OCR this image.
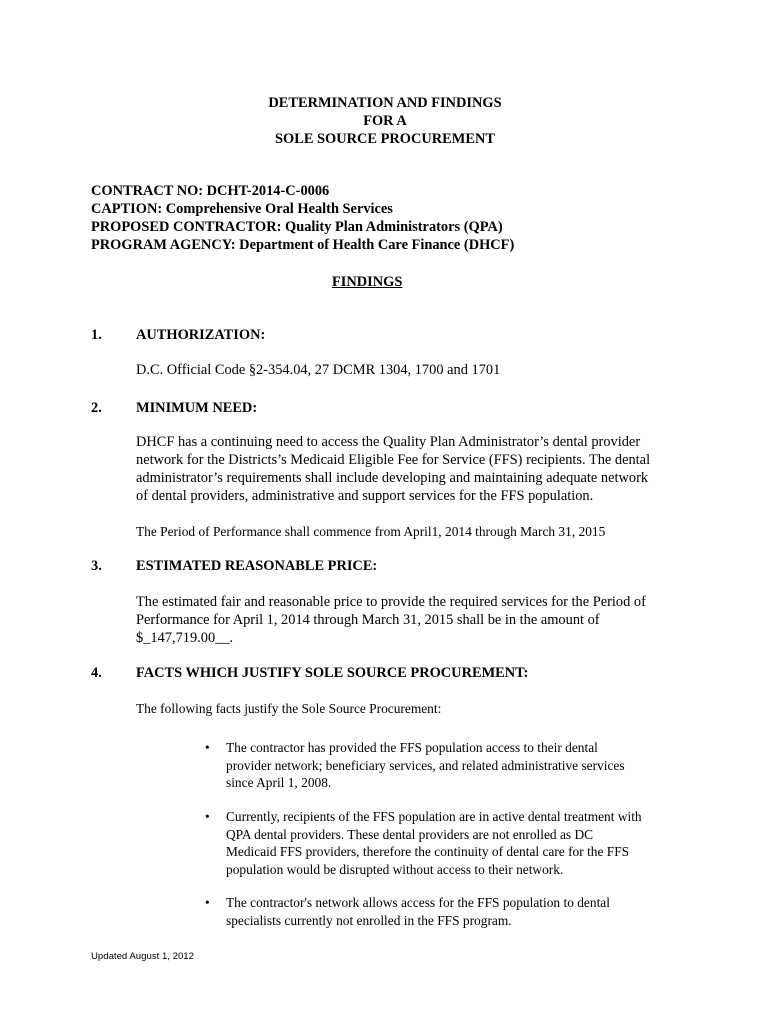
DETERMINATION AND FINDINGS
FOR A
SOLE SOURCE PROCUREMENT
CONTRACT NO: DCHT-2014-C-0006
CAPTION: Comprehensive Oral Health Services
PROPOSED CONTRACTOR: Quality Plan Administrators (QPA)
PROGRAM AGENCY: Department of Health Care Finance (DHCF)
FINDINGS
1. AUTHORIZATION:
D.C. Official Code §2-354.04, 27 DCMR 1304, 1700 and 1701
2. MINIMUM NEED:
DHCF has a continuing need to access the Quality Plan Administrator’s dental provider
network for the Districts’s Medicaid Eligible Fee for Service (FFS) recipients. The dental
administrator’s requirements shall include developing and maintaining adequate network
of dental providers, administrative and support services for the FFS population.
The Period of Performance shall commence from April1, 2014 through March 31, 2015
3. ESTIMATED REASONABLE PRICE:
The estimated fair and reasonable price to provide the required services for the Period of
Performance for April 1, 2014 through March 31, 2015 shall be in the amount of
$_147,719.00__.
4. FACTS WHICH JUSTIFY SOLE SOURCE PROCUREMENT:
The following facts justify the Sole Source Procurement:
• The contractor has provided the FFS population access to their dental
provider network; beneficiary services, and related administrative services
since April 1, 2008.
• Currently, recipients of the FFS population are in active dental treatment with
QPA dental providers. These dental providers are not enrolled as DC
Medicaid FFS providers, therefore the continuity of dental care for the FFS
population would be disrupted without access to their network.
• The contractor's network allows access for the FFS population to dental
specialists currently not enrolled in the FFS program.
Updated August 1, 2012
